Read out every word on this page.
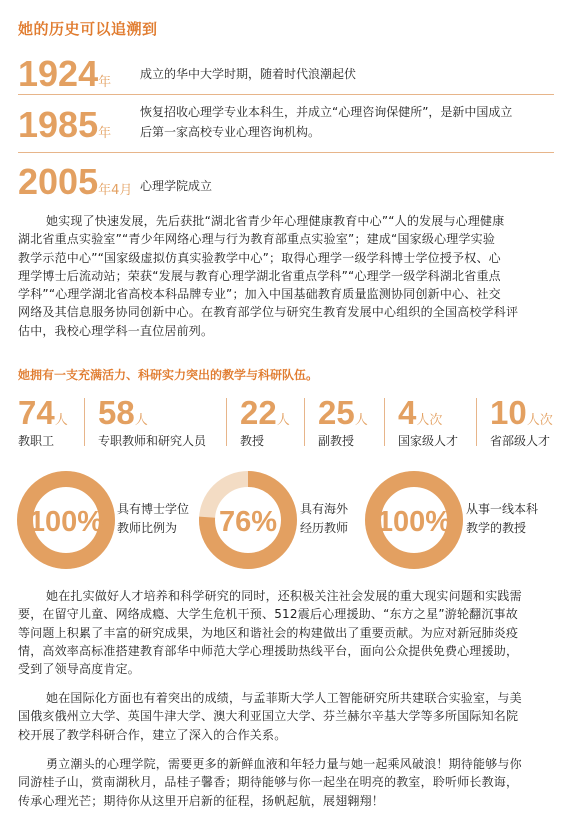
她的历史可以追溯到
1924年
成立的华中大学时期，随着时代浪潮起伏
1985年
恢复招收心理学专业本科生，并成立“心理咨询保健所”，是新中国成立
后第一家高校专业心理咨询机构。
2005年4月 心理学院成立
她实现了快速发展，先后获批“湖北省青少年心理健康教育中心”“人的发展与心理健康
湖北省重点实验室”“青少年网络心理与行为教育部重点实验室”；建成“国家级心理学实验
教学示范中心”“国家级虚拟仿真实验教学中心”；取得心理学一级学科博士学位授予权、心
理学博士后流动站；荣获“发展与教育心理学湖北省重点学科”“心理学一级学科湖北省重点
学科”“心理学湖北省高校本科品牌专业”；加入中国基础教育质量监测协同创新中心、社交
网络及其信息服务协同创新中心。在教育部学位与研究生教育发展中心组织的全国高校学科评
估中，我校心理学科一直位居前列。
她拥有一支充满活力、科研实力突出的教学与科研队伍。
74人
教职工
58人
专职教师和研究人员
22人
教授
25人
副教授
4人次
国家级人才
10人次
省部级人才
100% 具有博士学位
教师比例为	76% 具有海外
经历教师 100% 从事一线本科
教学的教授
她在扎实做好人才培养和科学研究的同时，还积极关注社会发展的重大现实问题和实践需
要，在留守儿童、网络成瘾、大学生危机干预、512震后心理援助、“东方之星”游轮翻沉事故
等问题上积累了丰富的研究成果，为地区和谐社会的构建做出了重要贡献。为应对新冠肺炎疫
情，高效率高标准搭建教育部华中师范大学心理援助热线平台，面向公众提供免费心理援助，
受到了领导高度肯定。
她在国际化方面也有着突出的成绩，与孟菲斯大学人工智能研究所共建联合实验室，与美
国俄亥俄州立大学、英国牛津大学、澳大利亚国立大学、芬兰赫尔辛基大学等多所国际知名院
校开展了教学科研合作，建立了深入的合作关系。
勇立潮头的心理学院，需要更多的新鲜血液和年轻力量与她一起乘风破浪！期待能够与你
同游桂子山，赏南湖秋月，品桂子馨香；期待能够与你一起坐在明亮的教室，聆听师长教诲，
传承心理光芒；期待你从这里开启新的征程，扬帆起航，展翅翱翔！
